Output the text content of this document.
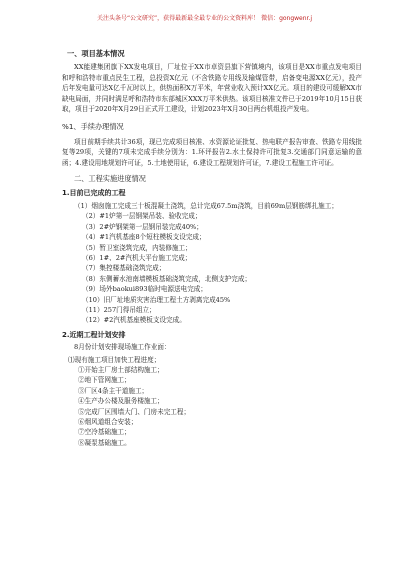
关注头条号“公文研究”，获得最新最全最专业的公文资料库！ 微信：gongwenr.j
一、项目基本情况

XX能建集团旗下XX发电项目，厂址位于XX市卓资县旗下营镇境内，该项目是XX市重点发电项目和呼和浩特市重点民生工程，总投资X亿元（不含铁路专用线及输煤管带，启备变电源XX亿元），投产后年发电量可达X亿千瓦时以上，供热面积X万平米，年营业收入预计XX亿元。项目的建设可缓解XX市缺电局面，并同时满足呼和浩特市东部城区XXX万平米供热。该项目核准文件已于2019年10月15日获取，项目于2020年X月29日正式开工建设，计划2023年X月30日两台机组投产发电。

%1、手续办理情况

项目前期手续共计36项，现已完成项目核准、水资源论证批复、热电联产报告审查、铁路专用线批复等29项，关键的7项未完成手续分别为：1.环评报告2.水土保持许可批复3.交通部门同意运输的意函；4.建设用地规划许可证，5.土地使用证，6.建设工程规划许可证，7.建设工程施工许可证。

二、工程实施进度情况
1.目前已完成的工程

（1）烟囱施工完成三十板混凝土浇筑，总计完成67.5m浇筑，目前69m层钢筋绑扎施工；

（2）#1炉第一层钢架吊装、验收完成；
（3）2#炉钢架第一层钢吊装完成40%；
（4）#1汽机基座8个短柱模板支设完成；
（5）暂卫室浇筑完成，内装修施工；
（6）1#、2#汽机大平台施工完成；
（7）集控楼基础浇筑完成；
（8）东侧蓄水池南墙模板基础浇筑完成，北侧支护完成；
（9）场外baokui893临时电源送电完成；
（10）旧厂址地质灾害治理工程土方剥离完成45%
（11）257门得吊组立；
（12）#2汽机基座模板支设完成。
2.近期工程计划安排
8月份计划安排现场施工作业面：
⑴现有施工项目加快工程进度；
①开始主厂房土部结构施工；
②地下管网施工；
③厂区4条主干道施工；
④生产办公楼及服务楼施工；
⑤完成厂区围墙大门、门房未完工程；
⑥烟风道组合安装；
⑦空冷基础施工；
⑧凝泵基础施工。
